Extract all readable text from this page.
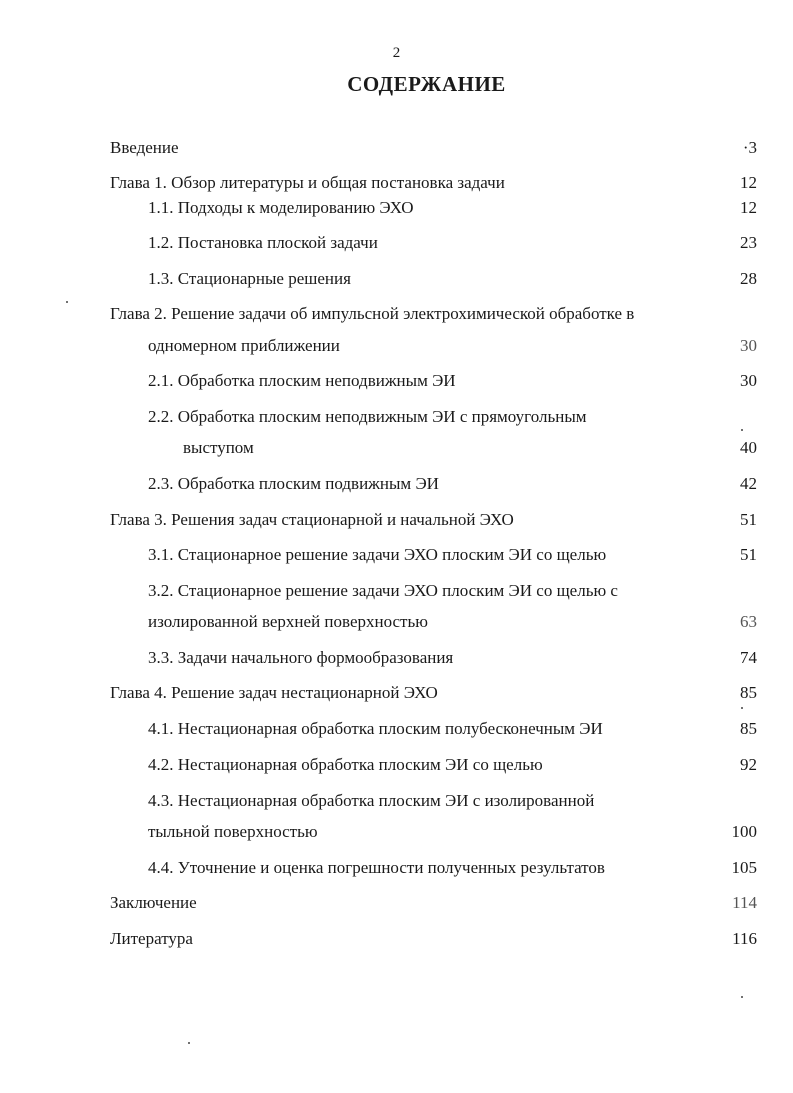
2
СОДЕРЖАНИЕ
Введение	·3
Глава 1. Обзор литературы и общая постановка задачи	12
1.1. Подходы к моделированию ЭХО	12
1.2. Постановка плоской задачи	23
1.3. Стационарные решения	28
Глава 2. Решение задачи об импульсной электрохимической обработке в
одномерном приближении	30
2.1. Обработка плоским неподвижным ЭИ	30
2.2. Обработка плоским неподвижным ЭИ с прямоугольным
выступом	40
2.3. Обработка плоским подвижным ЭИ	42
Глава 3. Решения задач стационарной и начальной ЭХО	51
3.1. Стационарное решение задачи ЭХО плоским ЭИ со щелью	51
3.2. Стационарное решение задачи ЭХО плоским ЭИ со щелью с
изолированной верхней поверхностью	63
3.3. Задачи начального формообразования	74
Глава 4. Решение задач нестационарной ЭХО	85
4.1. Нестационарная обработка плоским полубесконечным ЭИ	85
4.2. Нестационарная обработка плоским ЭИ со щелью	92
4.3. Нестационарная обработка плоским ЭИ с изолированной
тыльной поверхностью	100
4.4. Уточнение и оценка погрешности полученных результатов	105
Заключение	114
Литература	116
